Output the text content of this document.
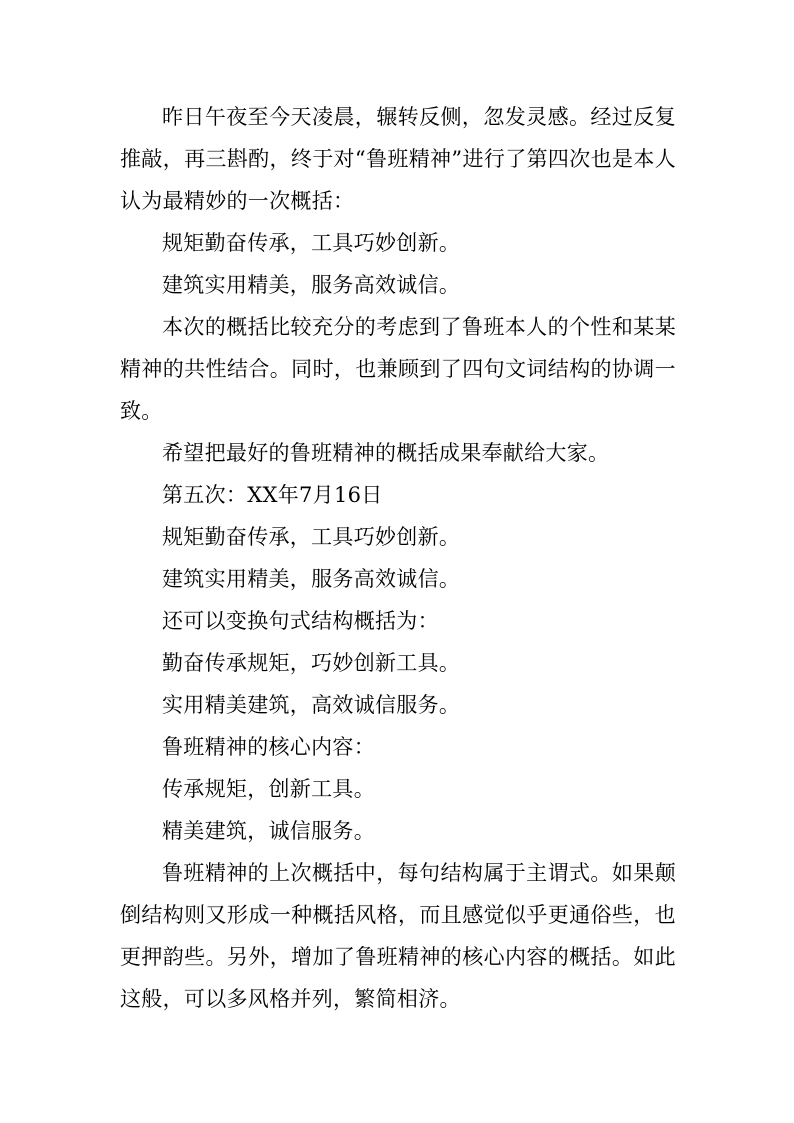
昨日午夜至今天凌晨，辗转反侧，忽发灵感。经过反复推敲，再三斟酌，终于对“鲁班精神”进行了第四次也是本人认为最精妙的一次概括：

规矩勤奋传承，工具巧妙创新。

建筑实用精美，服务高效诚信。

本次的概括比较充分的考虑到了鲁班本人的个性和某某精神的共性结合。同时，也兼顾到了四句文词结构的协调一致。

希望把最好的鲁班精神的概括成果奉献给大家。

第五次：XX年7月16日

规矩勤奋传承，工具巧妙创新。

建筑实用精美，服务高效诚信。

还可以变换句式结构概括为：

勤奋传承规矩，巧妙创新工具。

实用精美建筑，高效诚信服务。

鲁班精神的核心内容：

传承规矩，创新工具。

精美建筑，诚信服务。

鲁班精神的上次概括中，每句结构属于主谓式。如果颠倒结构则又形成一种概括风格，而且感觉似乎更通俗些，也更押韵些。另外，增加了鲁班精神的核心内容的概括。如此这般，可以多风格并列，繁简相济。
